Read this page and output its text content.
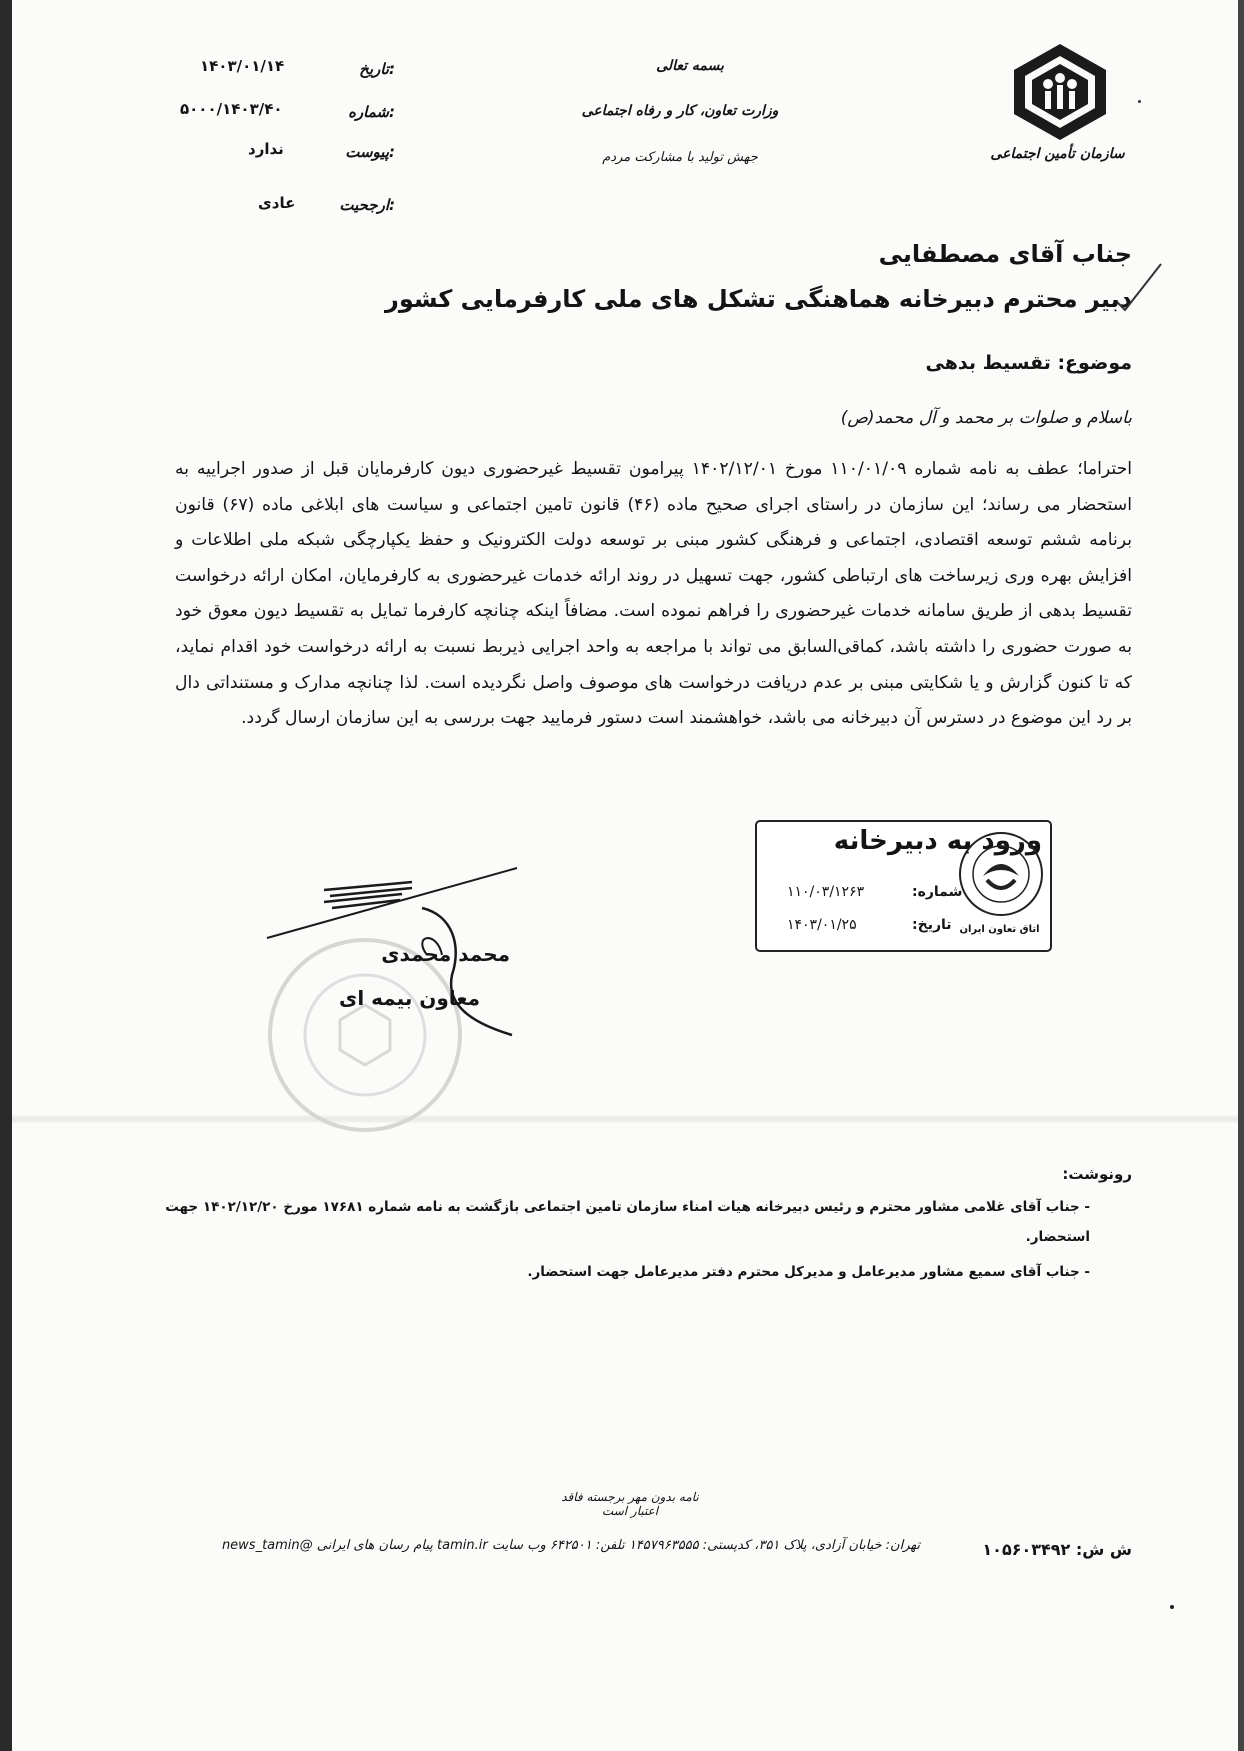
سازمان تأمین اجتماعی
بسمه تعالی
وزارت تعاون، کار و رفاه اجتماعی
جهش تولید با مشارکت مردم
تاریخ:
۱۴۰۳/۰۱/۱۴
شماره:
۵۰۰۰/۱۴۰۳/۴۰
پیوست:
ندارد
ارجحیت:
عادی
جناب آقای مصطفایی
دبیر محترم دبیرخانه هماهنگی تشکل های ملی کارفرمایی کشور
موضوع: تقسیط بدهی
باسلام و صلوات بر محمد و آل محمد(ص)
احتراما؛ عطف به نامه شماره ۱۱۰/۰۱/۰۹ مورخ ۱۴۰۲/۱۲/۰۱ پیرامون تقسیط غیرحضوری دیون کارفرمایان قبل از صدور اجراییه به استحضار می رساند؛ این سازمان در راستای اجرای صحیح ماده (۴۶) قانون تامین اجتماعی و سیاست های ابلاغی ماده (۶۷) قانون برنامه ششم توسعه اقتصادی، اجتماعی و فرهنگی کشور مبنی بر توسعه دولت الکترونیک و حفظ یکپارچگی شبکه ملی اطلاعات و افزایش بهره وری زیرساخت های ارتباطی کشور، جهت تسهیل در روند ارائه خدمات غیرحضوری به کارفرمایان، امکان ارائه درخواست تقسیط بدهی از طریق سامانه خدمات غیرحضوری را فراهم نموده است. مضافاً اینکه چنانچه کارفرما تمایل به تقسیط دیون معوق خود به صورت حضوری را داشته باشد، کماقی‌السابق می تواند با مراجعه به واحد اجرایی ذیربط نسبت به ارائه درخواست خود اقدام نماید، که تا کنون گزارش و یا شکایتی مبنی بر عدم دریافت درخواست های موصوف واصل نگردیده است. لذا چنانچه مدارک و مستنداتی دال بر رد این موضوع در دسترس آن دبیرخانه می باشد، خواهشمند است دستور فرمایید جهت بررسی به این سازمان ارسال گردد.
ورود به دبیرخانه
اتاق تعاون ایران
شماره:
۱۱۰/۰۳/۱۲۶۳
تاریخ:
۱۴۰۳/۰۱/۲۵
محمد محمدی
معاون بیمه ای
رونوشت:
- جناب آقای غلامی مشاور محترم و رئیس دبیرخانه هیات امناء سازمان تامین اجتماعی بازگشت به نامه شماره ۱۷۶۸۱ مورخ ۱۴۰۲/۱۲/۲۰ جهت استحضار.
- جناب آقای سمیع مشاور مدیرعامل و مدیرکل محترم دفتر مدیرعامل جهت استحضار.
نامه بدون مهر برجسته فاقد اعتبار است
تهران: خیابان آزادی، پلاک ۳۵۱، کدپستی: ۱۴۵۷۹۶۳۵۵۵ تلفن: ۶۴۲۵۰۱ وب سایت tamin.ir پیام رسان های ایرانی @news_tamin	ش ش: ۱۰۵۶۰۳۴۹۲
